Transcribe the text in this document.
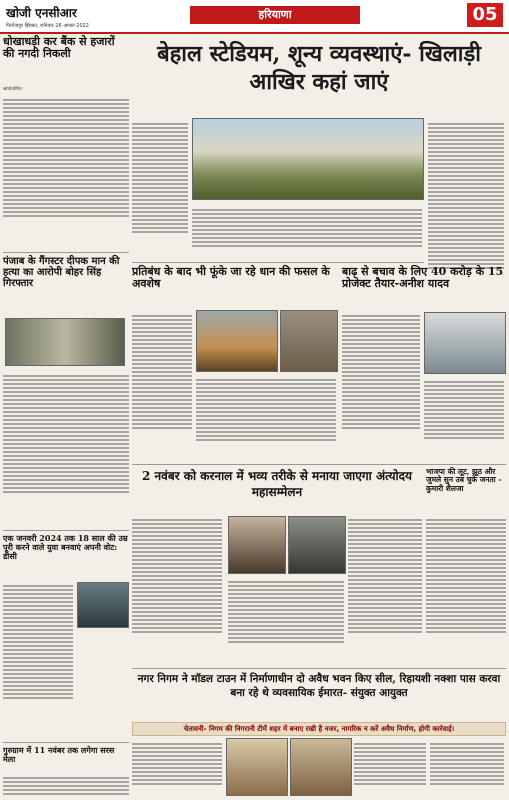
खोजी एनसीआर
फिरोजपुर झिरका, शनिवार 26 अगस्त 2022
हरियाणा	05
धोखाधड़ी कर बैंक से हजारों की नगदी निकली
खोजी/ब्रीफिंग
पंजाब के गैंगस्टर दीपक मान की हत्या का आरोपी बोहर सिंह गिरफ्तार
एक जनवरी 2024 तक 18 साल की उम्र पूरी करने वाले युवा बनवाएं अपनी वोट: डीसी
गुरुग्राम में 11 नवंबर तक लगेगा सरस मेला
बेहाल स्टेडियम, शून्य व्यवस्थाएं- खिलाड़ी आखिर कहां जाएं
प्रतिबंध के बाद भी फूंके जा रहे धान की फसल के अवशेष
बाढ़ से बचाव के लिए 40 करोड़ के 15 प्रोजेक्ट तैयार-अनीश यादव
2 नवंबर को करनाल में भव्य तरीके से मनाया जाएगा अंत्योदय महासम्मेलन
भाजपा की लूट, झूठ और जुमले सुन उब चुके जनता - कुमारी शैलजा
नगर निगम ने मॉडल टाउन में निर्माणाधीन दो अवैध भवन किए सील, रिहायशी नक्शा पास करवा बना रहे थे व्यवसायिक ईमारत- संयुक्त आयुक्त
चेतावनी- निगम की निगरानी टीमें शहर में बनाए रखी है नजर, नागरिक न करें अवैध निर्माण, होगी कार्रवाई।
